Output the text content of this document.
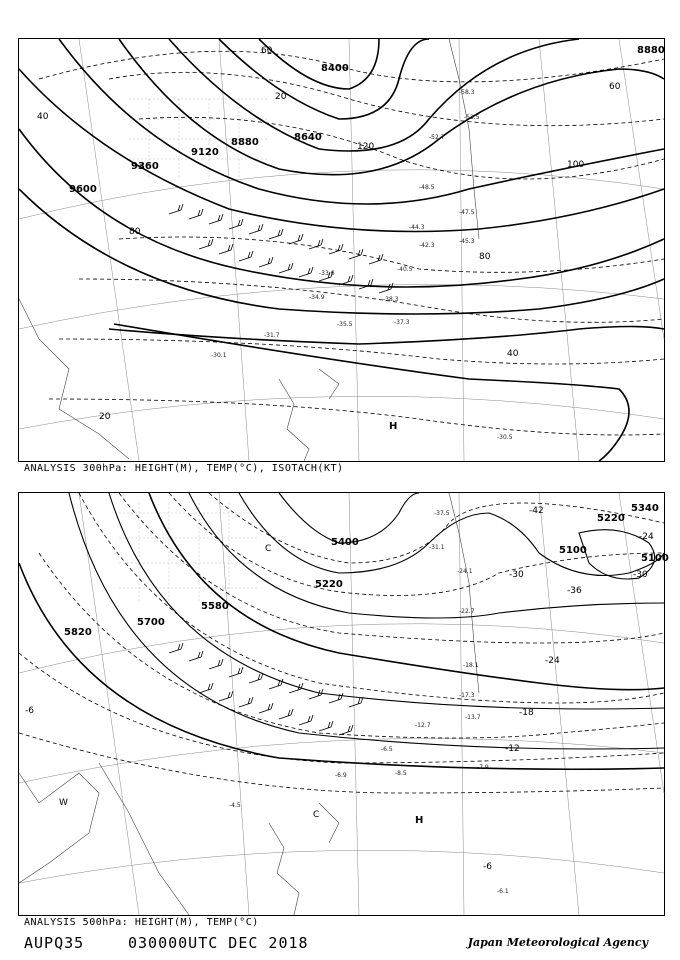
8400
8880
8640
8880
9120
9360
9600
60
20
40
80
100
120
60
80
40
20
H
-58.3
-53.5
-52.7
-48.5
-47.5
-45.3
-44.3
-42.3
-40.5
-38.3
-37.3
-35.5
-34.9
-33.6
-31.7
-30.1
-30.5
ANALYSIS 300hPa: HEIGHT(M), TEMP(°C), ISOTACH(KT)
5100
5220
5340
5100
5400
5580
5700
5820
5220
-42
-36
-30
-24
-18
-12
-6
-6
-24
-30
H
C
C
W
-37.5
-31.1
-24.1
-22.7
-18.1
-17.3
-13.7
-12.7
-8.5
-7.9
-6.9
-6.5
-4.5
-6.1
ANALYSIS 500hPa: HEIGHT(M), TEMP(°C)
AUPQ35	030000UTC DEC 2018	Japan Meteorological Agency
